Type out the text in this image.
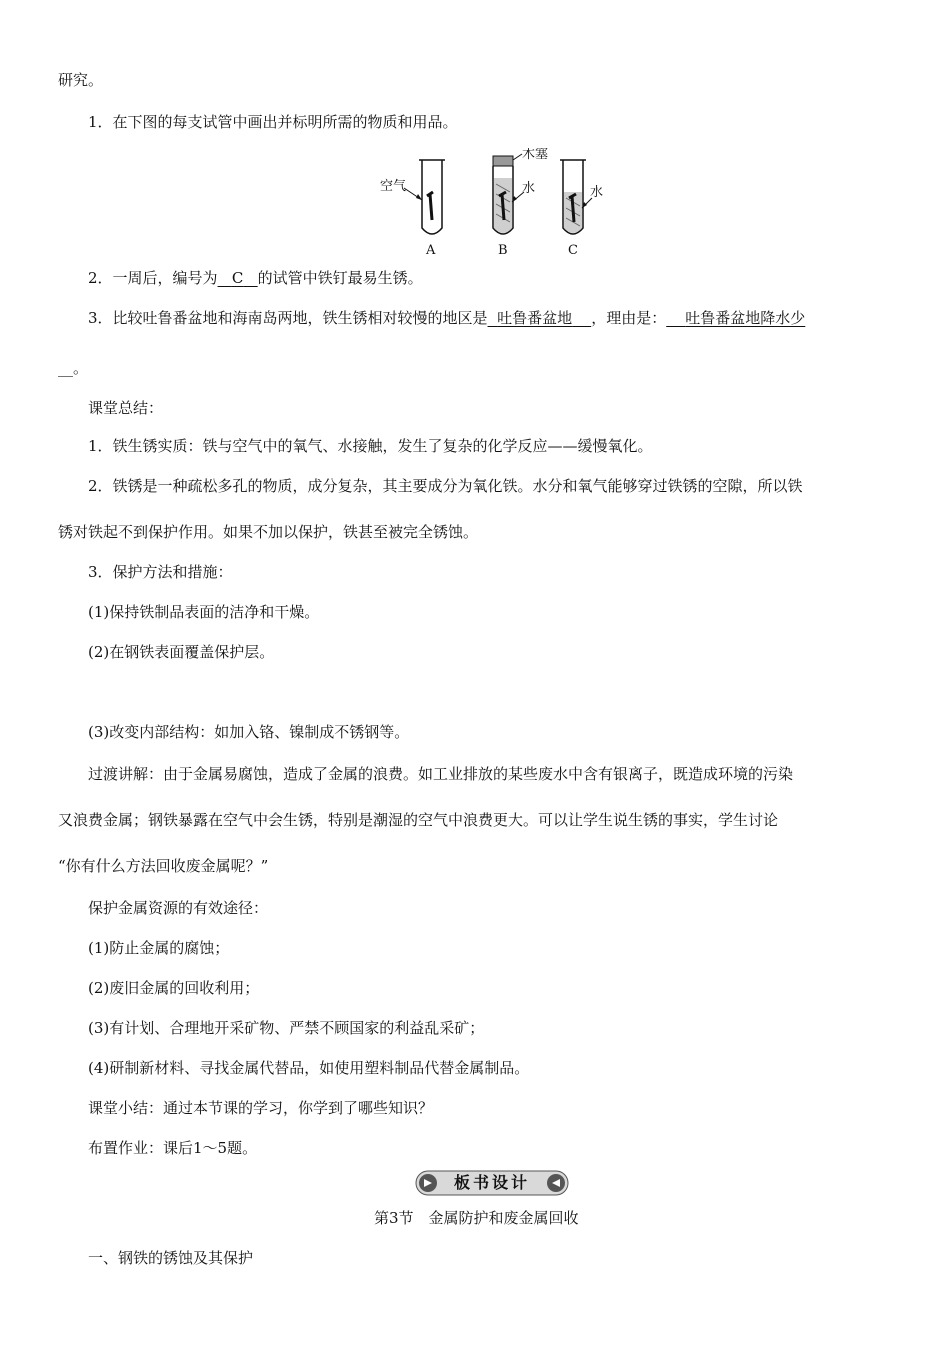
研究。
1．在下图的每支试管中画出并标明所需的物质和用品。
空气
A
木塞
水
B
水
C
2．一周后，编号为 C 的试管中铁钉最易生锈。
3．比较吐鲁番盆地和海南岛两地，铁生锈相对较慢的地区是 吐鲁番盆地 ，理由是： 吐鲁番盆地降水少
__。
课堂总结：
1．铁生锈实质：铁与空气中的氧气、水接触，发生了复杂的化学反应——缓慢氧化。
2．铁锈是一种疏松多孔的物质，成分复杂，其主要成分为氧化铁。水分和氧气能够穿过铁锈的空隙，所以铁
锈对铁起不到保护作用。如果不加以保护，铁甚至被完全锈蚀。
3．保护方法和措施：
(1)保持铁制品表面的洁净和干燥。
(2)在钢铁表面覆盖保护层。
(3)改变内部结构：如加入铬、镍制成不锈钢等。
过渡讲解：由于金属易腐蚀，造成了金属的浪费。如工业排放的某些废水中含有银离子，既造成环境的污染
又浪费金属；钢铁暴露在空气中会生锈，特别是潮湿的空气中浪费更大。可以让学生说生锈的事实，学生讨论
“你有什么方法回收废金属呢？”
保护金属资源的有效途径：
(1)防止金属的腐蚀；
(2)废旧金属的回收利用；
(3)有计划、合理地开采矿物、严禁不顾国家的利益乱采矿；
(4)研制新材料、寻找金属代替品，如使用塑料制品代替金属制品。
课堂小结：通过本节课的学习，你学到了哪些知识？
布置作业：课后1～5题。
板书设计
第3节　金属防护和废金属回收
一、钢铁的锈蚀及其保护
